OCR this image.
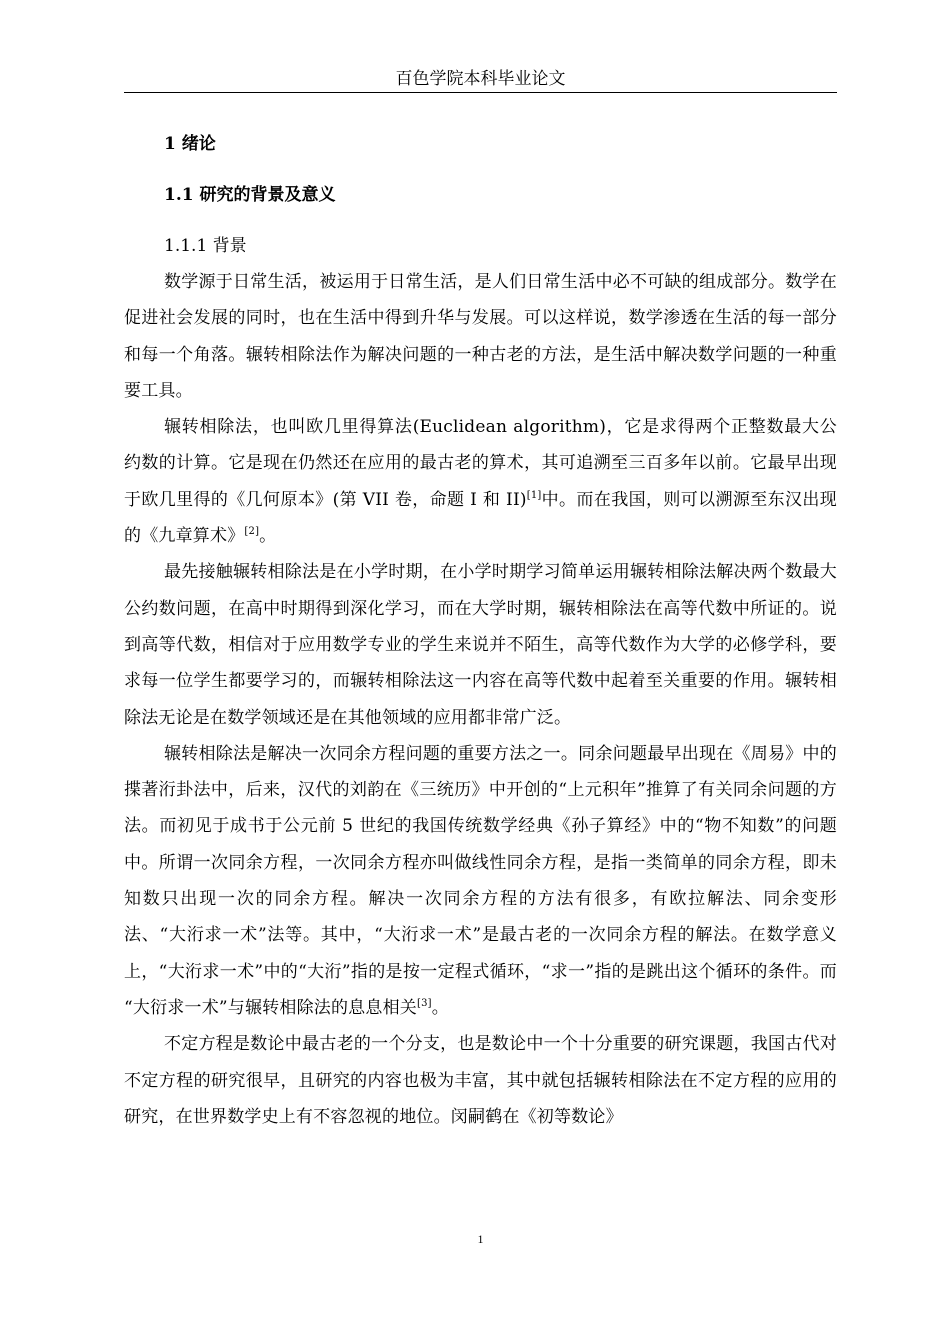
百色学院本科毕业论文
1 绪论
1.1 研究的背景及意义
1.1.1 背景

数学源于日常生活，被运用于日常生活，是人们日常生活中必不可缺的组成部分。数学在促进社会发展的同时，也在生活中得到升华与发展。可以这样说，数学渗透在生活的每一部分和每一个角落。辗转相除法作为解决问题的一种古老的方法，是生活中解决数学问题的一种重要工具。

辗转相除法，也叫欧几里得算法(Euclidean algorithm)，它是求得两个正整数最大公约数的计算。它是现在仍然还在应用的最古老的算术，其可追溯至三百多年以前。它最早出现于欧几里得的《几何原本》(第 VII 卷，命题 I 和 II)[1]中。而在我国，则可以溯源至东汉出现的《九章算术》[2]。

最先接触辗转相除法是在小学时期，在小学时期学习简单运用辗转相除法解决两个数最大公约数问题，在高中时期得到深化学习，而在大学时期，辗转相除法在高等代数中所证的。说到高等代数，相信对于应用数学专业的学生来说并不陌生，高等代数作为大学的必修学科，要求每一位学生都要学习的，而辗转相除法这一内容在高等代数中起着至关重要的作用。辗转相除法无论是在数学领域还是在其他领域的应用都非常广泛。

辗转相除法是解决一次同余方程问题的重要方法之一。同余问题最早出现在《周易》中的揲著洐卦法中，后来，汉代的刘韵在《三统历》中开创的“上元积年”推算了有关同余问题的方法。而初见于成书于公元前 5 世纪的我国传统数学经典《孙子算经》中的“物不知数”的问题中。所谓一次同余方程，一次同余方程亦叫做线性同余方程，是指一类简单的同余方程，即未知数只出现一次的同余方程。解决一次同余方程的方法有很多，有欧拉解法、同余变形法、“大洐求一术”法等。其中，“大洐求一术”是最古老的一次同余方程的解法。在数学意义上，“大洐求一术”中的“大洐”指的是按一定程式循环，“求一”指的是跳出这个循环的条件。而 “大衍求一术”与辗转相除法的息息相关[3]。

不定方程是数论中最古老的一个分支，也是数论中一个十分重要的研究课题，我国古代对不定方程的研究很早，且研究的内容也极为丰富，其中就包括辗转相除法在不定方程的应用的研究，在世界数学史上有不容忽视的地位。闵嗣鹤在《初等数论》

1
